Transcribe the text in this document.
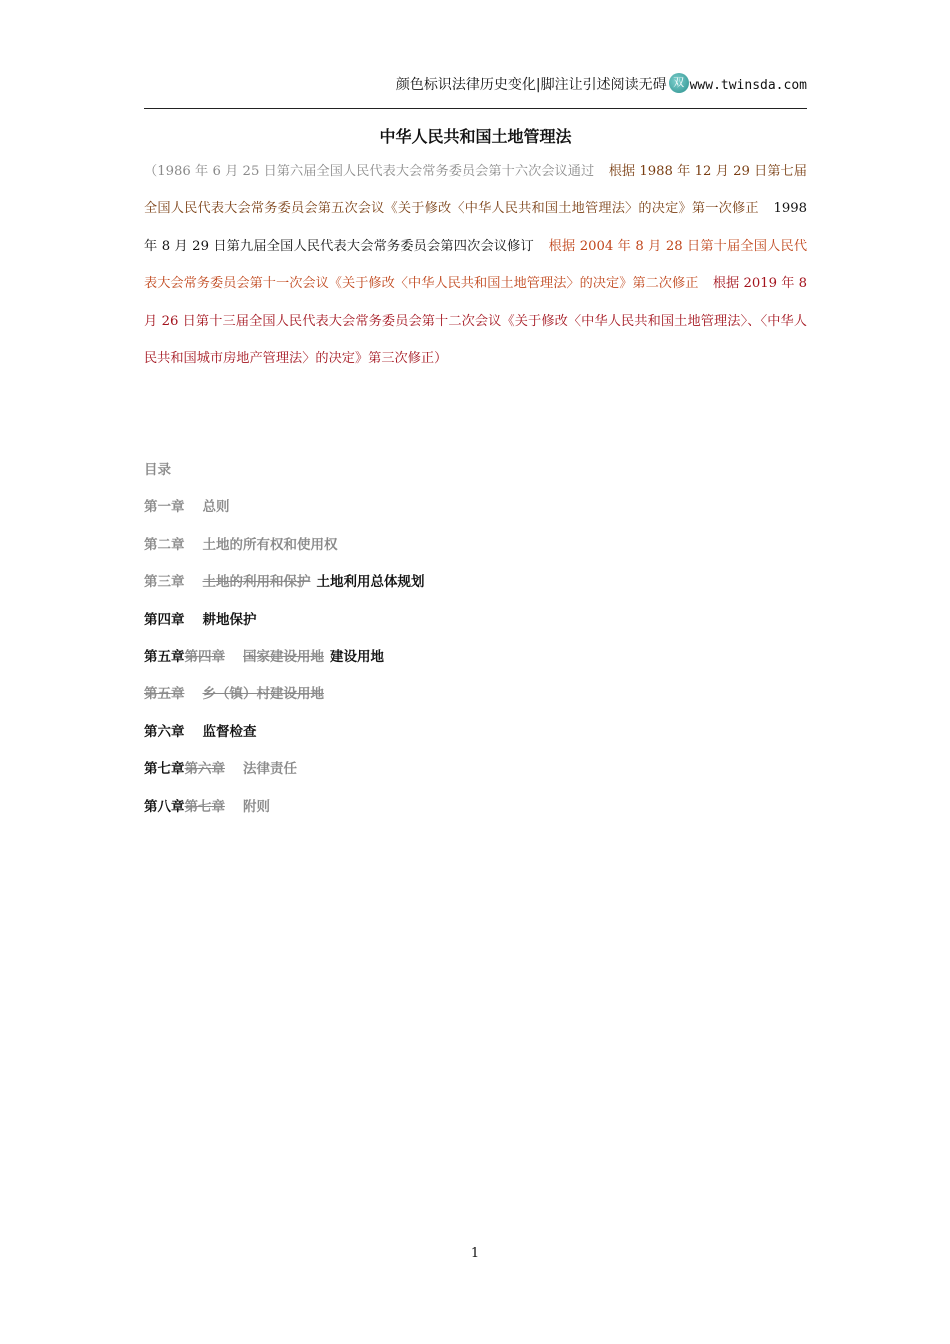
颜色标识法律历史变化|脚注让引述阅读无碍 双 www.twinsda.com
中华人民共和国土地管理法
（1986 年 6 月 25 日第六届全国人民代表大会常务委员会第十六次会议通过 根据 1988 年 12 月 29 日第七届全国人民代表大会常务委员会第五次会议《关于修改〈中华人民共和国土地管理法〉的决定》第一次修正 1998 年 8 月 29 日第九届全国人民代表大会常务委员会第四次会议修订 根据 2004 年 8 月 28 日第十届全国人民代表大会常务委员会第十一次会议《关于修改〈中华人民共和国土地管理法〉的决定》第二次修正 根据 2019 年 8 月 26 日第十三届全国人民代表大会常务委员会第十二次会议《关于修改〈中华人民共和国土地管理法〉、〈中华人民共和国城市房地产管理法〉的决定》第三次修正）
目录
第一章 总则
第二章 土地的所有权和使用权
第三章 土地的利用和保护 土地利用总体规划
第四章 耕地保护
第五章第四章 国家建设用地 建设用地
第五章 乡（镇）村建设用地
第六章 监督检查
第七章第六章 法律责任
第八章第七章 附则
1
